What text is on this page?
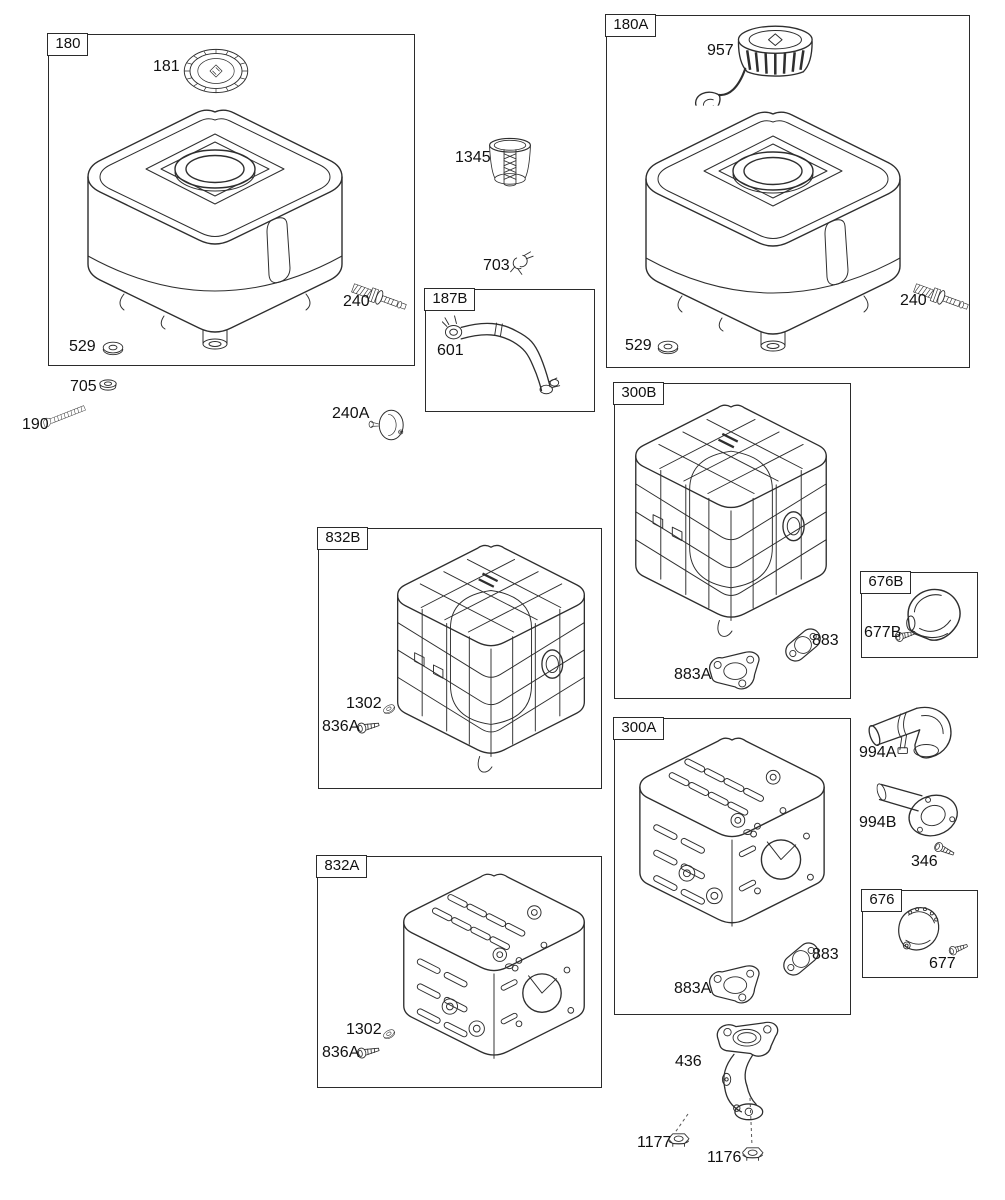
180
180A
187B
300B
676B
832B
300A
676
832A
181
240
529
705
190
240A
1345
703
601
957
240
529
883
883A
677B
994A
994B
346
677
1302
836A
883
883A
1302
836A
436
1177
1176
